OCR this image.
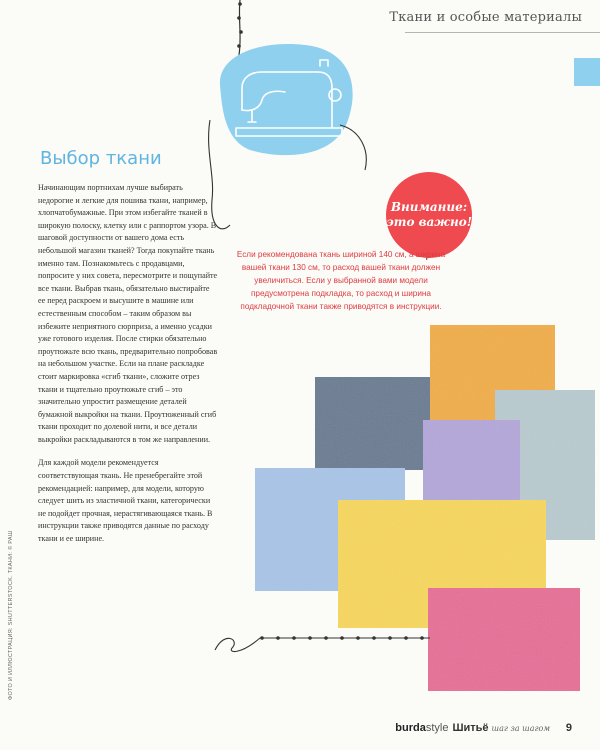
Ткани и особые материалы
Выбор ткани

Начинающим портнихам лучше выбирать недорогие и легкие для пошива ткани, например, хлопчатобумажные. При этом избегайте тканей в широкую полоску, клетку или с раппортом узора. В шаговой доступности от вашего дома есть небольшой магазин тканей? Тогда покупайте ткань именно там. Познакомьтесь с продавцами, попросите у них совета, пересмотрите и пощупайте все ткани. Выбрав ткань, обязательно выстирайте ее перед раскроем и высушите в машине или естественным способом – таким образом вы избежите неприятного сюрприза, а именно усадки уже готового изделия. После стирки обязательно проутюжьте всю ткань, предварительно попробовав на небольшом участке. Если на плане раскладке стоит маркировка «сгиб ткани», сложите отрез ткани и тщательно проутюжьте сгиб – это значительно упростит размещение деталей бумажной выкройки на ткани. Проутюженный сгиб ткани проходит по долевой нити, и все детали выкройки раскладываются в том же направлении.

Для каждой модели рекомендуется соответствующая ткань. Не пренебрегайте этой рекомендацией: например, для модели, которую следует шить из эластичной ткани, категорически не подойдет прочная, нерастягивающаяся ткань. В инструкции также приводятся данные по расходу ткани и ее ширине.

Внимание:
это важно!
Если рекомендована ткань шириной 140 см, а ширина вашей ткани 130 см, то расход вашей ткани должен увеличиться. Если у выбранной вами модели предусмотрена подкладка, то расход и ширина подкладочной ткани также приводятся в инструкции.
ФОТО И ИЛЛЮСТРАЦИЯ: SHUTTERSTOCK. ТКАНИ: © РАШ
burdastyle Шитьё шаг за шагом 9
